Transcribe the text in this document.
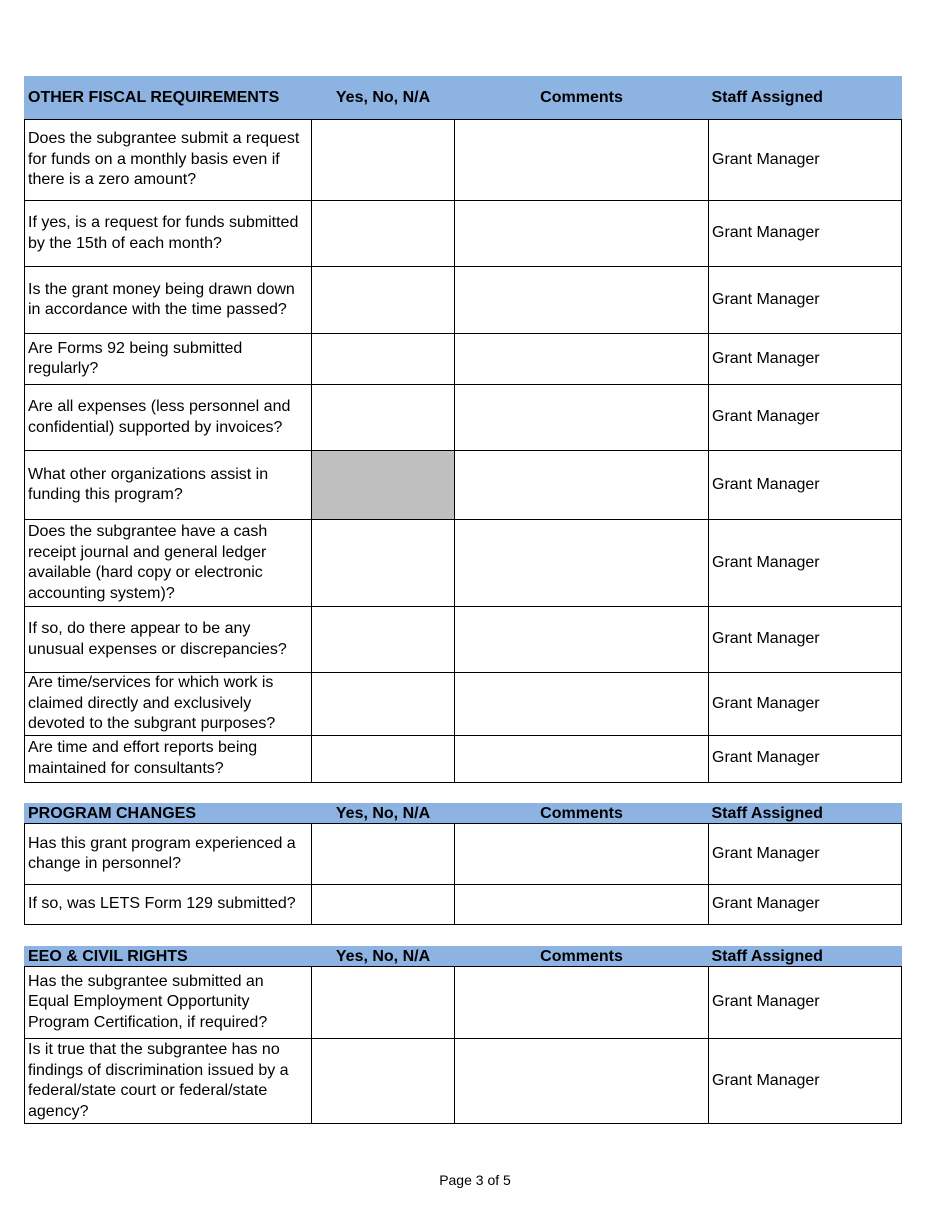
OTHER FISCAL REQUIREMENTS	Yes, No, N/A	Comments	Staff Assigned
Does the subgrantee submit a request for funds on a monthly basis even if there is a zero amount?			Grant Manager
If yes, is a request for funds submitted by the 15th of each month?			Grant Manager
Is the grant money being drawn down in accordance with the time passed?			Grant Manager
Are Forms 92 being submitted regularly?			Grant Manager
Are all expenses (less personnel and confidential) supported by invoices?			Grant Manager
What other organizations assist in funding this program?			Grant Manager
Does the subgrantee have a cash receipt journal and general ledger available (hard copy or electronic accounting system)?			Grant Manager
If so, do there appear to be any unusual expenses or discrepancies?			Grant Manager
Are time/services for which work is claimed directly and exclusively devoted to the subgrant purposes?			Grant Manager
Are time and effort reports being maintained for consultants?			Grant Manager
PROGRAM CHANGES	Yes, No, N/A	Comments	Staff Assigned
Has this grant program experienced a change in personnel?			Grant Manager
If so, was LETS Form 129 submitted?			Grant Manager
EEO & CIVIL RIGHTS	Yes, No, N/A	Comments	Staff Assigned
Has the subgrantee submitted an Equal Employment Opportunity Program Certification, if required?			Grant Manager
Is it true that the subgrantee has no findings of discrimination issued by a federal/state court or federal/state agency?			Grant Manager
Page 3 of 5
